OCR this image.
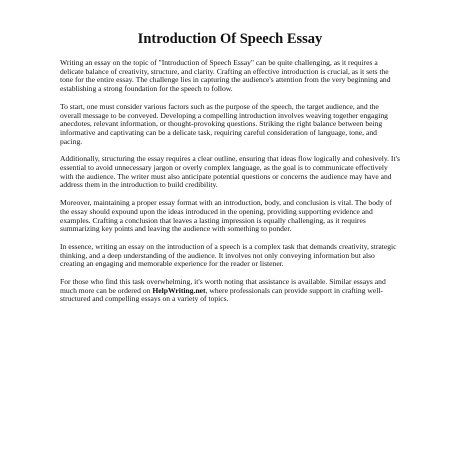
Introduction Of Speech Essay

Writing an essay on the topic of "Introduction of Speech Essay" can be quite challenging, as it requires a delicate balance of creativity, structure, and clarity. Crafting an effective introduction is crucial, as it sets the tone for the entire essay. The challenge lies in capturing the audience's attention from the very beginning and establishing a strong foundation for the speech to follow.

To start, one must consider various factors such as the purpose of the speech, the target audience, and the overall message to be conveyed. Developing a compelling introduction involves weaving together engaging anecdotes, relevant information, or thought-provoking questions. Striking the right balance between being informative and captivating can be a delicate task, requiring careful consideration of language, tone, and pacing.

Additionally, structuring the essay requires a clear outline, ensuring that ideas flow logically and cohesively. It's essential to avoid unnecessary jargon or overly complex language, as the goal is to communicate effectively with the audience. The writer must also anticipate potential questions or concerns the audience may have and address them in the introduction to build credibility.

Moreover, maintaining a proper essay format with an introduction, body, and conclusion is vital. The body of the essay should expound upon the ideas introduced in the opening, providing supporting evidence and examples. Crafting a conclusion that leaves a lasting impression is equally challenging, as it requires summarizing key points and leaving the audience with something to ponder.

In essence, writing an essay on the introduction of a speech is a complex task that demands creativity, strategic thinking, and a deep understanding of the audience. It involves not only conveying information but also creating an engaging and memorable experience for the reader or listener.

For those who find this task overwhelming, it's worth noting that assistance is available. Similar essays and much more can be ordered on HelpWriting.net, where professionals can provide support in crafting well-structured and compelling essays on a variety of topics.
